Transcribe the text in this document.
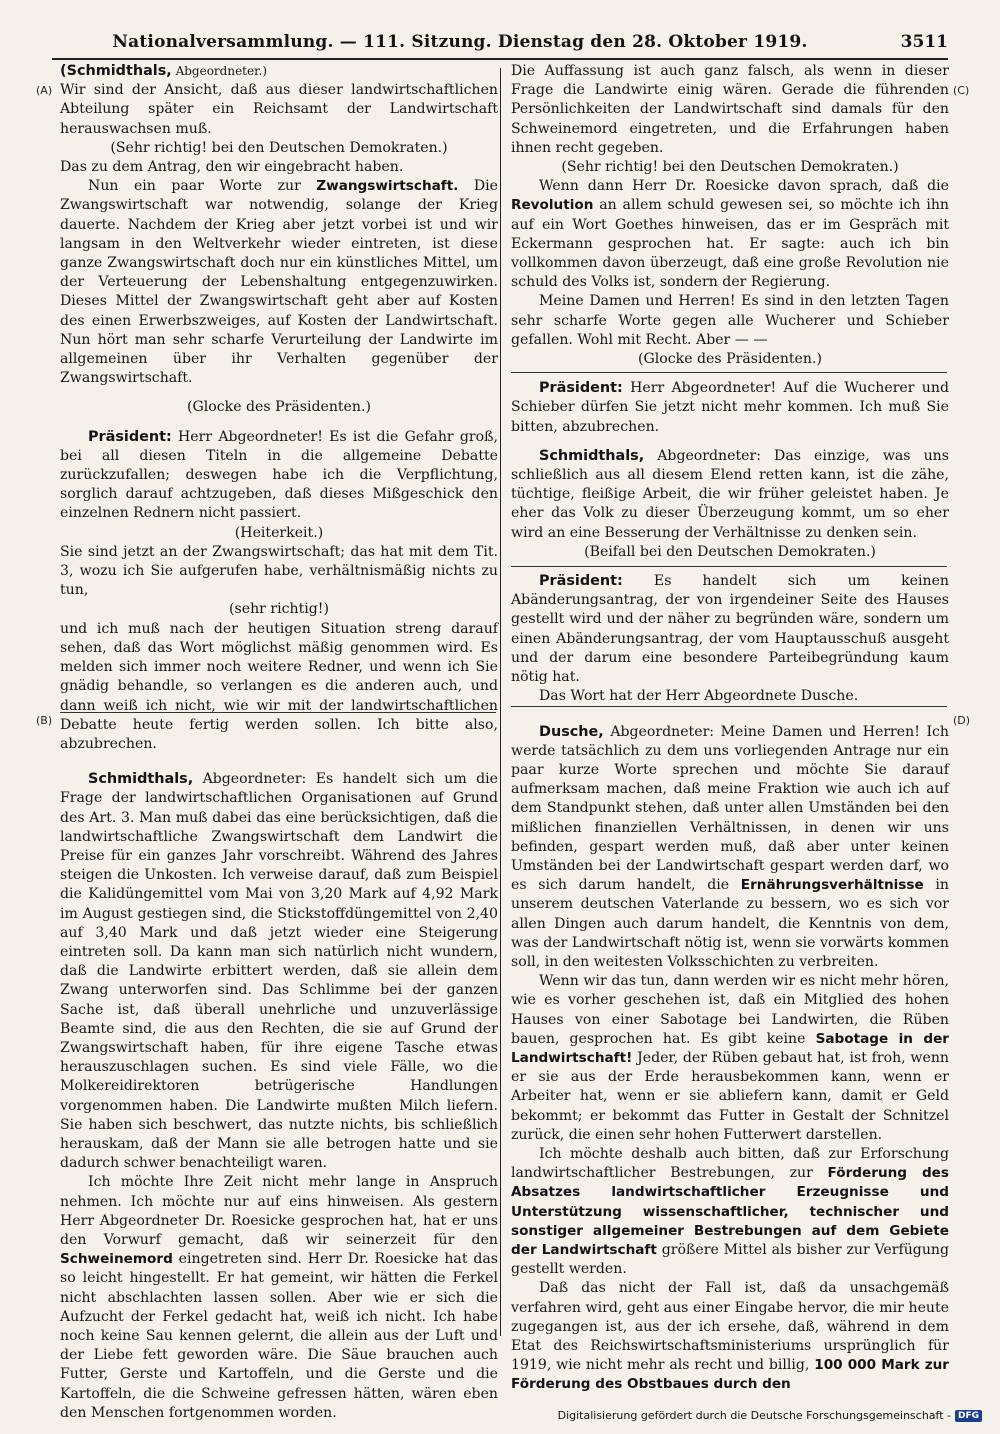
Nationalversammlung. — 111. Sitzung. Dienstag den 28. Oktober 1919.	3511
(A)
(B)
(C)
(D)

(Schmidthals, Abgeordneter.)

Wir sind der Ansicht, daß aus dieser landwirtschaftlichen Abteilung später ein Reichsamt der Landwirtschaft herauswachsen muß.

(Sehr richtig! bei den Deutschen Demokraten.)

Das zu dem Antrag, den wir eingebracht haben.

Nun ein paar Worte zur Zwangswirtschaft. Die Zwangswirtschaft war notwendig, solange der Krieg dauerte. Nachdem der Krieg aber jetzt vorbei ist und wir langsam in den Weltverkehr wieder eintreten, ist diese ganze Zwangswirtschaft doch nur ein künstliches Mittel, um der Verteuerung der Lebenshaltung entgegenzuwirken. Dieses Mittel der Zwangswirtschaft geht aber auf Kosten des einen Erwerbszweiges, auf Kosten der Landwirtschaft. Nun hört man sehr scharfe Verurteilung der Landwirte im allgemeinen über ihr Verhalten gegenüber der Zwangswirtschaft.

(Glocke des Präsidenten.)

Präsident: Herr Abgeordneter! Es ist die Gefahr groß, bei all diesen Titeln in die allgemeine Debatte zurückzufallen; deswegen habe ich die Verpflichtung, sorglich darauf achtzugeben, daß dieses Mißgeschick den einzelnen Rednern nicht passiert.

(Heiterkeit.)

Sie sind jetzt an der Zwangswirtschaft; das hat mit dem Tit. 3, wozu ich Sie aufgerufen habe, verhältnismäßig nichts zu tun,

(sehr richtig!)

und ich muß nach der heutigen Situation streng darauf sehen, daß das Wort möglichst mäßig genommen wird. Es melden sich immer noch weitere Redner, und wenn ich Sie gnädig behandle, so verlangen es die anderen auch, und dann weiß ich nicht, wie wir mit der landwirtschaftlichen Debatte heute fertig werden sollen. Ich bitte also, abzubrechen.

Schmidthals, Abgeordneter: Es handelt sich um die Frage der landwirtschaftlichen Organisationen auf Grund des Art. 3. Man muß dabei das eine berücksichtigen, daß die landwirtschaftliche Zwangswirtschaft dem Landwirt die Preise für ein ganzes Jahr vorschreibt. Während des Jahres steigen die Unkosten. Ich verweise darauf, daß zum Beispiel die Kalidüngemittel vom Mai von 3,20 Mark auf 4,92 Mark im August gestiegen sind, die Stickstoffdüngemittel von 2,40 auf 3,40 Mark und daß jetzt wieder eine Steigerung eintreten soll. Da kann man sich natürlich nicht wundern, daß die Landwirte erbittert werden, daß sie allein dem Zwang unterworfen sind. Das Schlimme bei der ganzen Sache ist, daß überall unehrliche und unzuverlässige Beamte sind, die aus den Rechten, die sie auf Grund der Zwangswirtschaft haben, für ihre eigene Tasche etwas herauszuschlagen suchen. Es sind viele Fälle, wo die Molkereidirektoren betrügerische Handlungen vorgenommen haben. Die Landwirte mußten Milch liefern. Sie haben sich beschwert, das nutzte nichts, bis schließlich herauskam, daß der Mann sie alle betrogen hatte und sie dadurch schwer benachteiligt waren.

Ich möchte Ihre Zeit nicht mehr lange in Anspruch nehmen. Ich möchte nur auf eins hinweisen. Als gestern Herr Abgeordneter Dr. Roesicke gesprochen hat, hat er uns den Vorwurf gemacht, daß wir seinerzeit für den Schweinemord eingetreten sind. Herr Dr. Roesicke hat das so leicht hingestellt. Er hat gemeint, wir hätten die Ferkel nicht abschlachten lassen sollen. Aber wie er sich die Aufzucht der Ferkel gedacht hat, weiß ich nicht. Ich habe noch keine Sau kennen gelernt, die allein aus der Luft und der Liebe fett geworden wäre. Die Säue brauchen auch Futter, Gerste und Kartoffeln, und die Gerste und die Kartoffeln, die die Schweine gefressen hätten, wären eben den Menschen fortgenommen worden.

Die Auffassung ist auch ganz falsch, als wenn in dieser Frage die Landwirte einig wären. Gerade die führenden Persönlichkeiten der Landwirtschaft sind damals für den Schweinemord eingetreten, und die Erfahrungen haben ihnen recht gegeben.

(Sehr richtig! bei den Deutschen Demokraten.)

Wenn dann Herr Dr. Roesicke davon sprach, daß die Revolution an allem schuld gewesen sei, so möchte ich ihn auf ein Wort Goethes hinweisen, das er im Gespräch mit Eckermann gesprochen hat. Er sagte: auch ich bin vollkommen davon überzeugt, daß eine große Revolution nie schuld des Volks ist, sondern der Regierung.

Meine Damen und Herren! Es sind in den letzten Tagen sehr scharfe Worte gegen alle Wucherer und Schieber gefallen. Wohl mit Recht. Aber — —

(Glocke des Präsidenten.)

Präsident: Herr Abgeordneter! Auf die Wucherer und Schieber dürfen Sie jetzt nicht mehr kommen. Ich muß Sie bitten, abzubrechen.

Schmidthals, Abgeordneter: Das einzige, was uns schließlich aus all diesem Elend retten kann, ist die zähe, tüchtige, fleißige Arbeit, die wir früher geleistet haben. Je eher das Volk zu dieser Überzeugung kommt, um so eher wird an eine Besserung der Verhältnisse zu denken sein.

(Beifall bei den Deutschen Demokraten.)

Präsident: Es handelt sich um keinen Abänderungsantrag, der von irgendeiner Seite des Hauses gestellt wird und der näher zu begründen wäre, sondern um einen Abänderungsantrag, der vom Hauptausschuß ausgeht und der darum eine besondere Parteibegründung kaum nötig hat.

Das Wort hat der Herr Abgeordnete Dusche.

Dusche, Abgeordneter: Meine Damen und Herren! Ich werde tatsächlich zu dem uns vorliegenden Antrage nur ein paar kurze Worte sprechen und möchte Sie darauf aufmerksam machen, daß meine Fraktion wie auch ich auf dem Standpunkt stehen, daß unter allen Umständen bei den mißlichen finanziellen Verhältnissen, in denen wir uns befinden, gespart werden muß, daß aber unter keinen Umständen bei der Landwirtschaft gespart werden darf, wo es sich darum handelt, die Ernährungsverhältnisse in unserem deutschen Vaterlande zu bessern, wo es sich vor allen Dingen auch darum handelt, die Kenntnis von dem, was der Landwirtschaft nötig ist, wenn sie vorwärts kommen soll, in den weitesten Volksschichten zu verbreiten.

Wenn wir das tun, dann werden wir es nicht mehr hören, wie es vorher geschehen ist, daß ein Mitglied des hohen Hauses von einer Sabotage bei Landwirten, die Rüben bauen, gesprochen hat. Es gibt keine Sabotage in der Landwirtschaft! Jeder, der Rüben gebaut hat, ist froh, wenn er sie aus der Erde herausbekommen kann, wenn er Arbeiter hat, wenn er sie abliefern kann, damit er Geld bekommt; er bekommt das Futter in Gestalt der Schnitzel zurück, die einen sehr hohen Futterwert darstellen.

Ich möchte deshalb auch bitten, daß zur Erforschung landwirtschaftlicher Bestrebungen, zur Förderung des Absatzes landwirtschaftlicher Erzeugnisse und Unterstützung wissenschaftlicher, technischer und sonstiger allgemeiner Bestrebungen auf dem Gebiete der Landwirtschaft größere Mittel als bisher zur Verfügung gestellt werden.

Daß das nicht der Fall ist, daß da unsachgemäß verfahren wird, geht aus einer Eingabe hervor, die mir heute zugegangen ist, aus der ich ersehe, daß, während in dem Etat des Reichswirtschaftsministeriums ursprünglich für 1919, wie nicht mehr als recht und billig, 100 000 Mark zur Förderung des Obstbaues durch den

Digitalisierung gefördert durch die Deutsche Forschungsgemeinschaft - DFG
